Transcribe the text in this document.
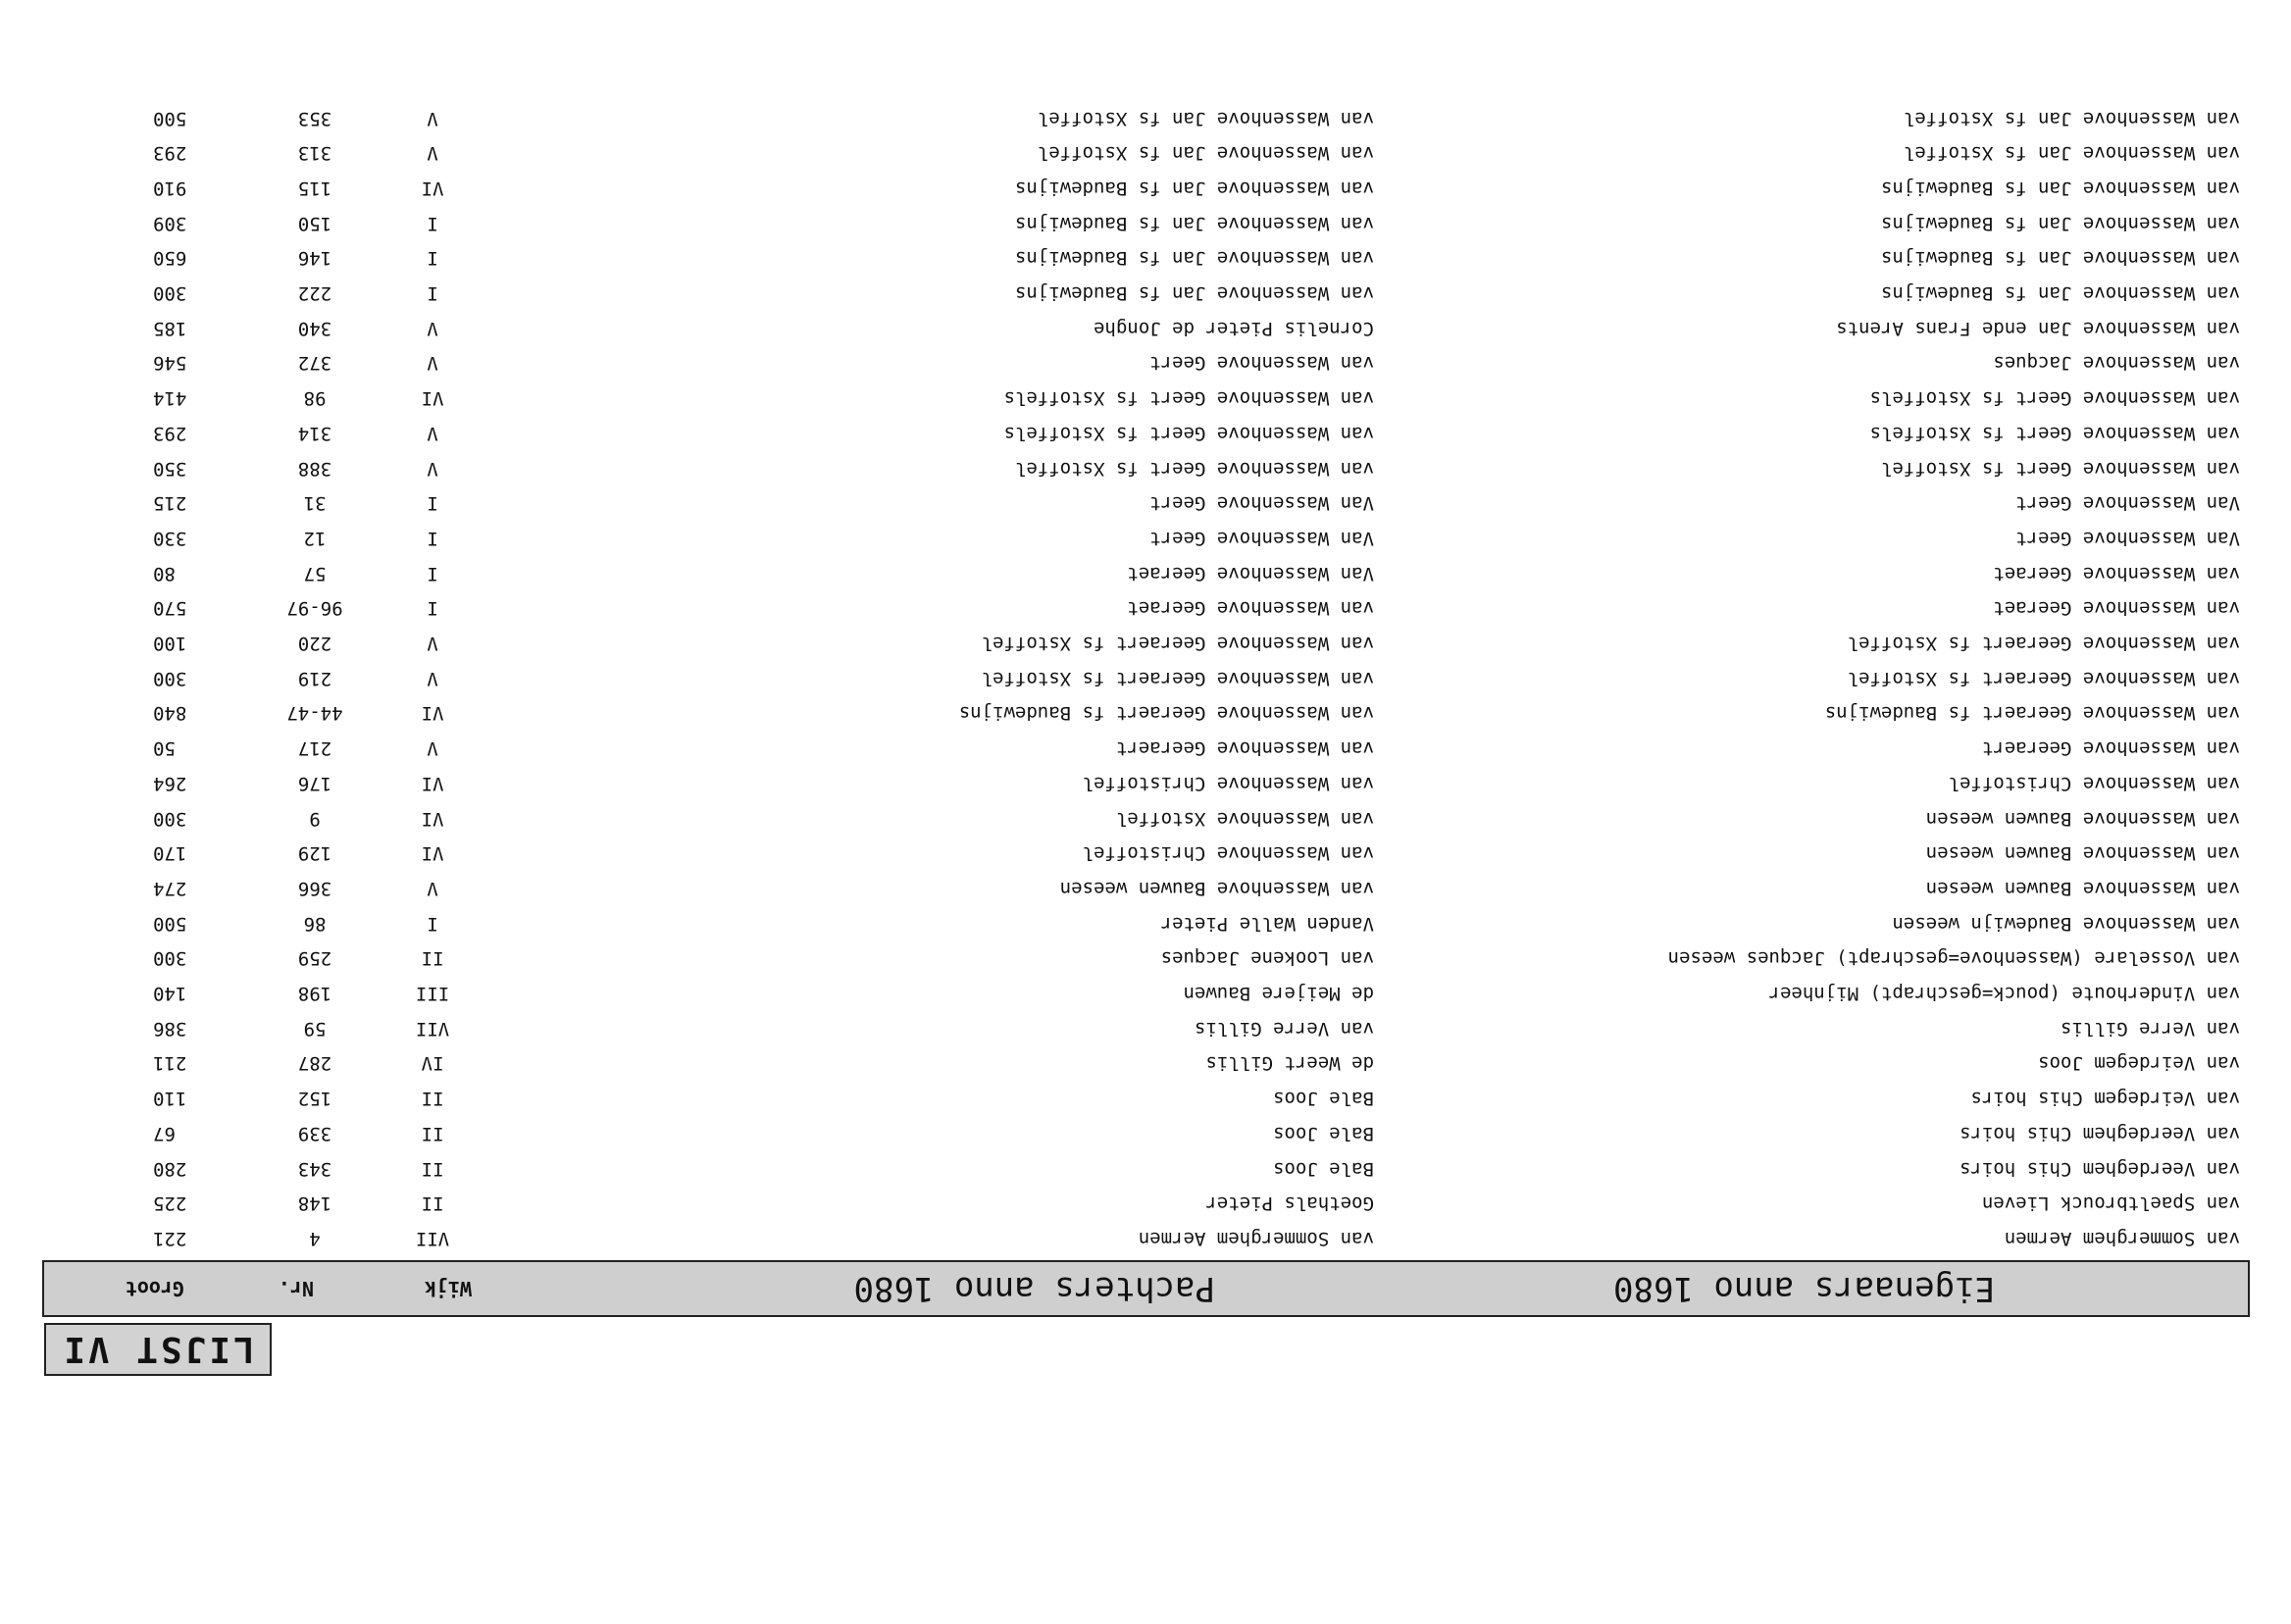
LIJST VI
Eigenaars anno 1680
Pachters anno 1680
Wijk
Nr.
Groot
van Sommerghem Aermen
van Sommerghem Aermen
VII
4
221
van Spaeltbrouck Lieven
Goethals Pieter
II
148
225
van Veerdeghem Chis hoirs
Bale Joos
II
343
280
van Veerdeghem Chis hoirs
Bale Joos
II
339
67
van Veirdegem Chis hoirs
Bale Joos
II
152
110
van Veirdegem Joos
de Weert Gillis
IV
287
211
van Verre Gillis
van Verre Gillis
VII
59
386
van Vinderhoute (pouck=geschrapt) Mijnheer
de Meijere Bauwen
III
198
140
van Vosselare (Wassenhove=geschrapt) Jacques weesen
van Lookene Jacques
II
259
300
van Wassenhove Baudewijn weesen
Vanden Walle Pieter
I
86
500
van Wassenhove Bauwen weesen
van Wassenhove Bauwen weesen
V
366
274
van Wassenhove Bauwen weesen
van Wassenhove Christoffel
VI
129
170
van Wassenhove Bauwen weesen
van Wassenhove Xstoffel
VI
9
300
van Wassenhove Christoffel
van Wassenhove Christoffel
VI
176
264
van Wassenhove Geeraert
van Wassenhove Geeraert
V
217
50
van Wassenhove Geeraert fs Baudewijns
van Wassenhove Geeraert fs Baudewijns
VI
44-47
840
van Wassenhove Geeraert fs Xstoffel
van Wassenhove Geeraert fs Xstoffel
V
219
300
van Wassenhove Geeraert fs Xstoffel
van Wassenhove Geeraert fs Xstoffel
V
220
100
van Wassenhove Geeraet
van Wassenhove Geeraet
I
96-97
570
van Wassenhove Geeraet
Van Wassenhove Geeraet
I
57
80
Van Wassenhove Geert
Van Wassenhove Geert
I
12
330
Van Wassenhove Geert
Van Wassenhove Geert
I
31
215
van Wassenhove Geert fs Xstoffel
van Wassenhove Geert fs Xstoffel
V
388
350
van Wassenhove Geert fs Xstoffels
van Wassenhove Geert fs Xstoffels
V
314
293
van Wassenhove Geert fs Xstoffels
van Wassenhove Geert fs Xstoffels
VI
98
414
van Wassenhove Jacques
van Wassenhove Geert
V
372
546
van Wassenhove Jan ende Frans Arents
Cornelis Pieter de Jonghe
V
340
185
van Wassenhove Jan fs Baudewijns
van Wassenhove Jan fs Baudewijns
I
222
300
van Wassenhove Jan fs Baudewijns
van Wassenhove Jan fs Baudewijns
I
146
650
van Wassenhove Jan fs Baudewijns
van Wassenhove Jan fs Baudewijns
I
150
309
van Wassenhove Jan fs Baudewijns
van Wassenhove Jan fs Baudewijns
VI
115
910
van Wassenhove Jan fs Xstoffel
van Wassenhove Jan fs Xstoffel
V
313
293
van Wassenhove Jan fs Xstoffel
van Wassenhove Jan fs Xstoffel
V
353
500
